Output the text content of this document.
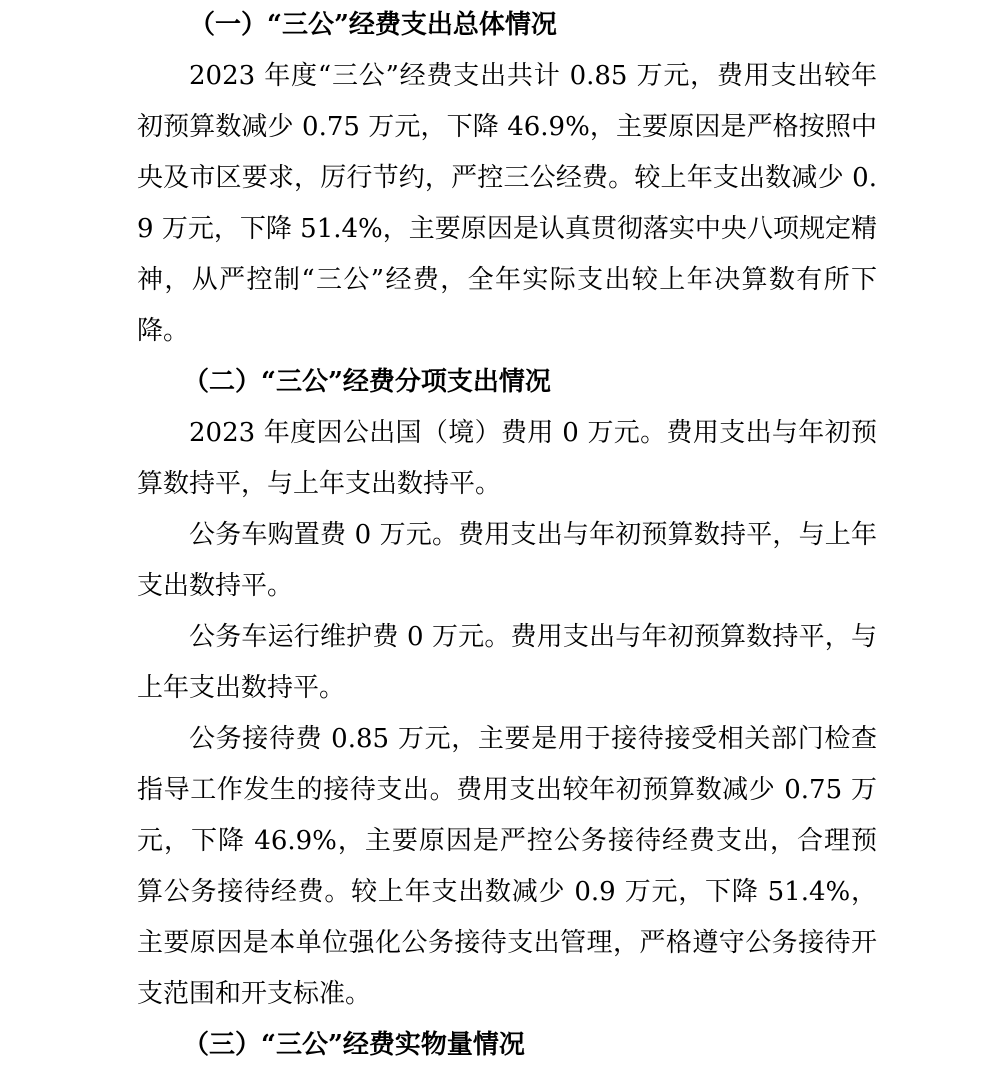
（一）“三公”经费支出总体情况

2023 年度“三公”经费支出共计 0.85 万元，费用支出较年初预算数减少 0.75 万元，下降 46.9%，主要原因是严格按照中央及市区要求，厉行节约，严控三公经费。较上年支出数减少 0.9 万元，下降 51.4%，主要原因是认真贯彻落实中央八项规定精神，从严控制“三公”经费，全年实际支出较上年决算数有所下降。

（二）“三公”经费分项支出情况

2023 年度因公出国（境）费用 0 万元。费用支出与年初预算数持平，与上年支出数持平。

公务车购置费 0 万元。费用支出与年初预算数持平，与上年支出数持平。

公务车运行维护费 0 万元。费用支出与年初预算数持平，与上年支出数持平。

公务接待费 0.85 万元，主要是用于接待接受相关部门检查指导工作发生的接待支出。费用支出较年初预算数减少 0.75 万元，下降 46.9%，主要原因是严控公务接待经费支出，合理预算公务接待经费。较上年支出数减少 0.9 万元，下降 51.4%，主要原因是本单位强化公务接待支出管理，严格遵守公务接待开支范围和开支标准。

（三）“三公”经费实物量情况
